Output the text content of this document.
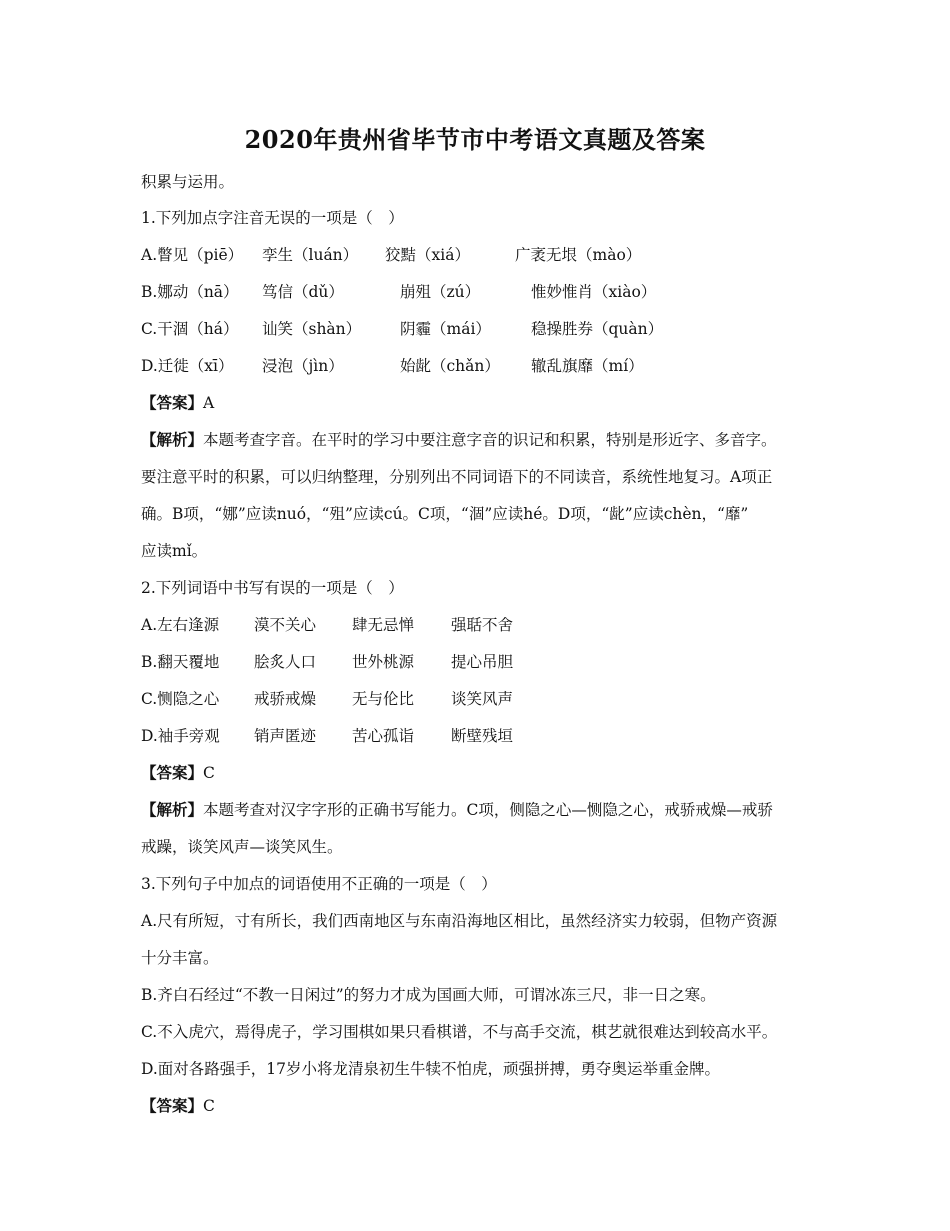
2020年贵州省毕节市中考语文真题及答案
积累与运用。
1.下列加点字注音无误的一项是（　）
A.瞥见（piē） 孪生（luán） 狡黠（xiá）	广袤无垠（mào）
B.娜动（nā） 笃信（dǔ）	崩殂（zú）	惟妙惟肖（xiào）
C.干涸（há） 讪笑（shàn）	阴霾（mái）	稳操胜券（quàn）
D.迁徙（xī） 浸泡（jìn）	始龀（chǎn） 辙乱旗靡（mí）
【答案】A
【解析】本题考查字音。在平时的学习中要注意字音的识记和积累，特别是形近字、多音字。
要注意平时的积累，可以归纳整理，分别列出不同词语下的不同读音，系统性地复习。A项正
确。B项，“娜”应读nuó，“殂”应读cú。C项，“涸”应读hé。D项，“龀”应读chèn，“靡”
应读mǐ。
2.下列词语中书写有误的一项是（　）
A.左右逢源 漠不关心 肆无忌惮 强聒不舍
B.翻天覆地 脍炙人口 世外桃源 提心吊胆
C.恻隐之心 戒骄戒燥 无与伦比 谈笑风声
D.袖手旁观 销声匿迹 苦心孤诣 断壁残垣
【答案】C
【解析】本题考查对汉字字形的正确书写能力。C项，侧隐之心—恻隐之心，戒骄戒燥—戒骄
戒躁，谈笑风声—谈笑风生。
3.下列句子中加点的词语使用不正确的一项是（　）
A.尺有所短，寸有所长，我们西南地区与东南沿海地区相比，虽然经济实力较弱，但物产资源
十分丰富。
B.齐白石经过“不教一日闲过”的努力才成为国画大师，可谓冰冻三尺，非一日之寒。
C.不入虎穴，焉得虎子，学习围棋如果只看棋谱，不与高手交流，棋艺就很难达到较高水平。
D.面对各路强手，17岁小将龙清泉初生牛犊不怕虎，顽强拼搏，勇夺奥运举重金牌。
【答案】C
